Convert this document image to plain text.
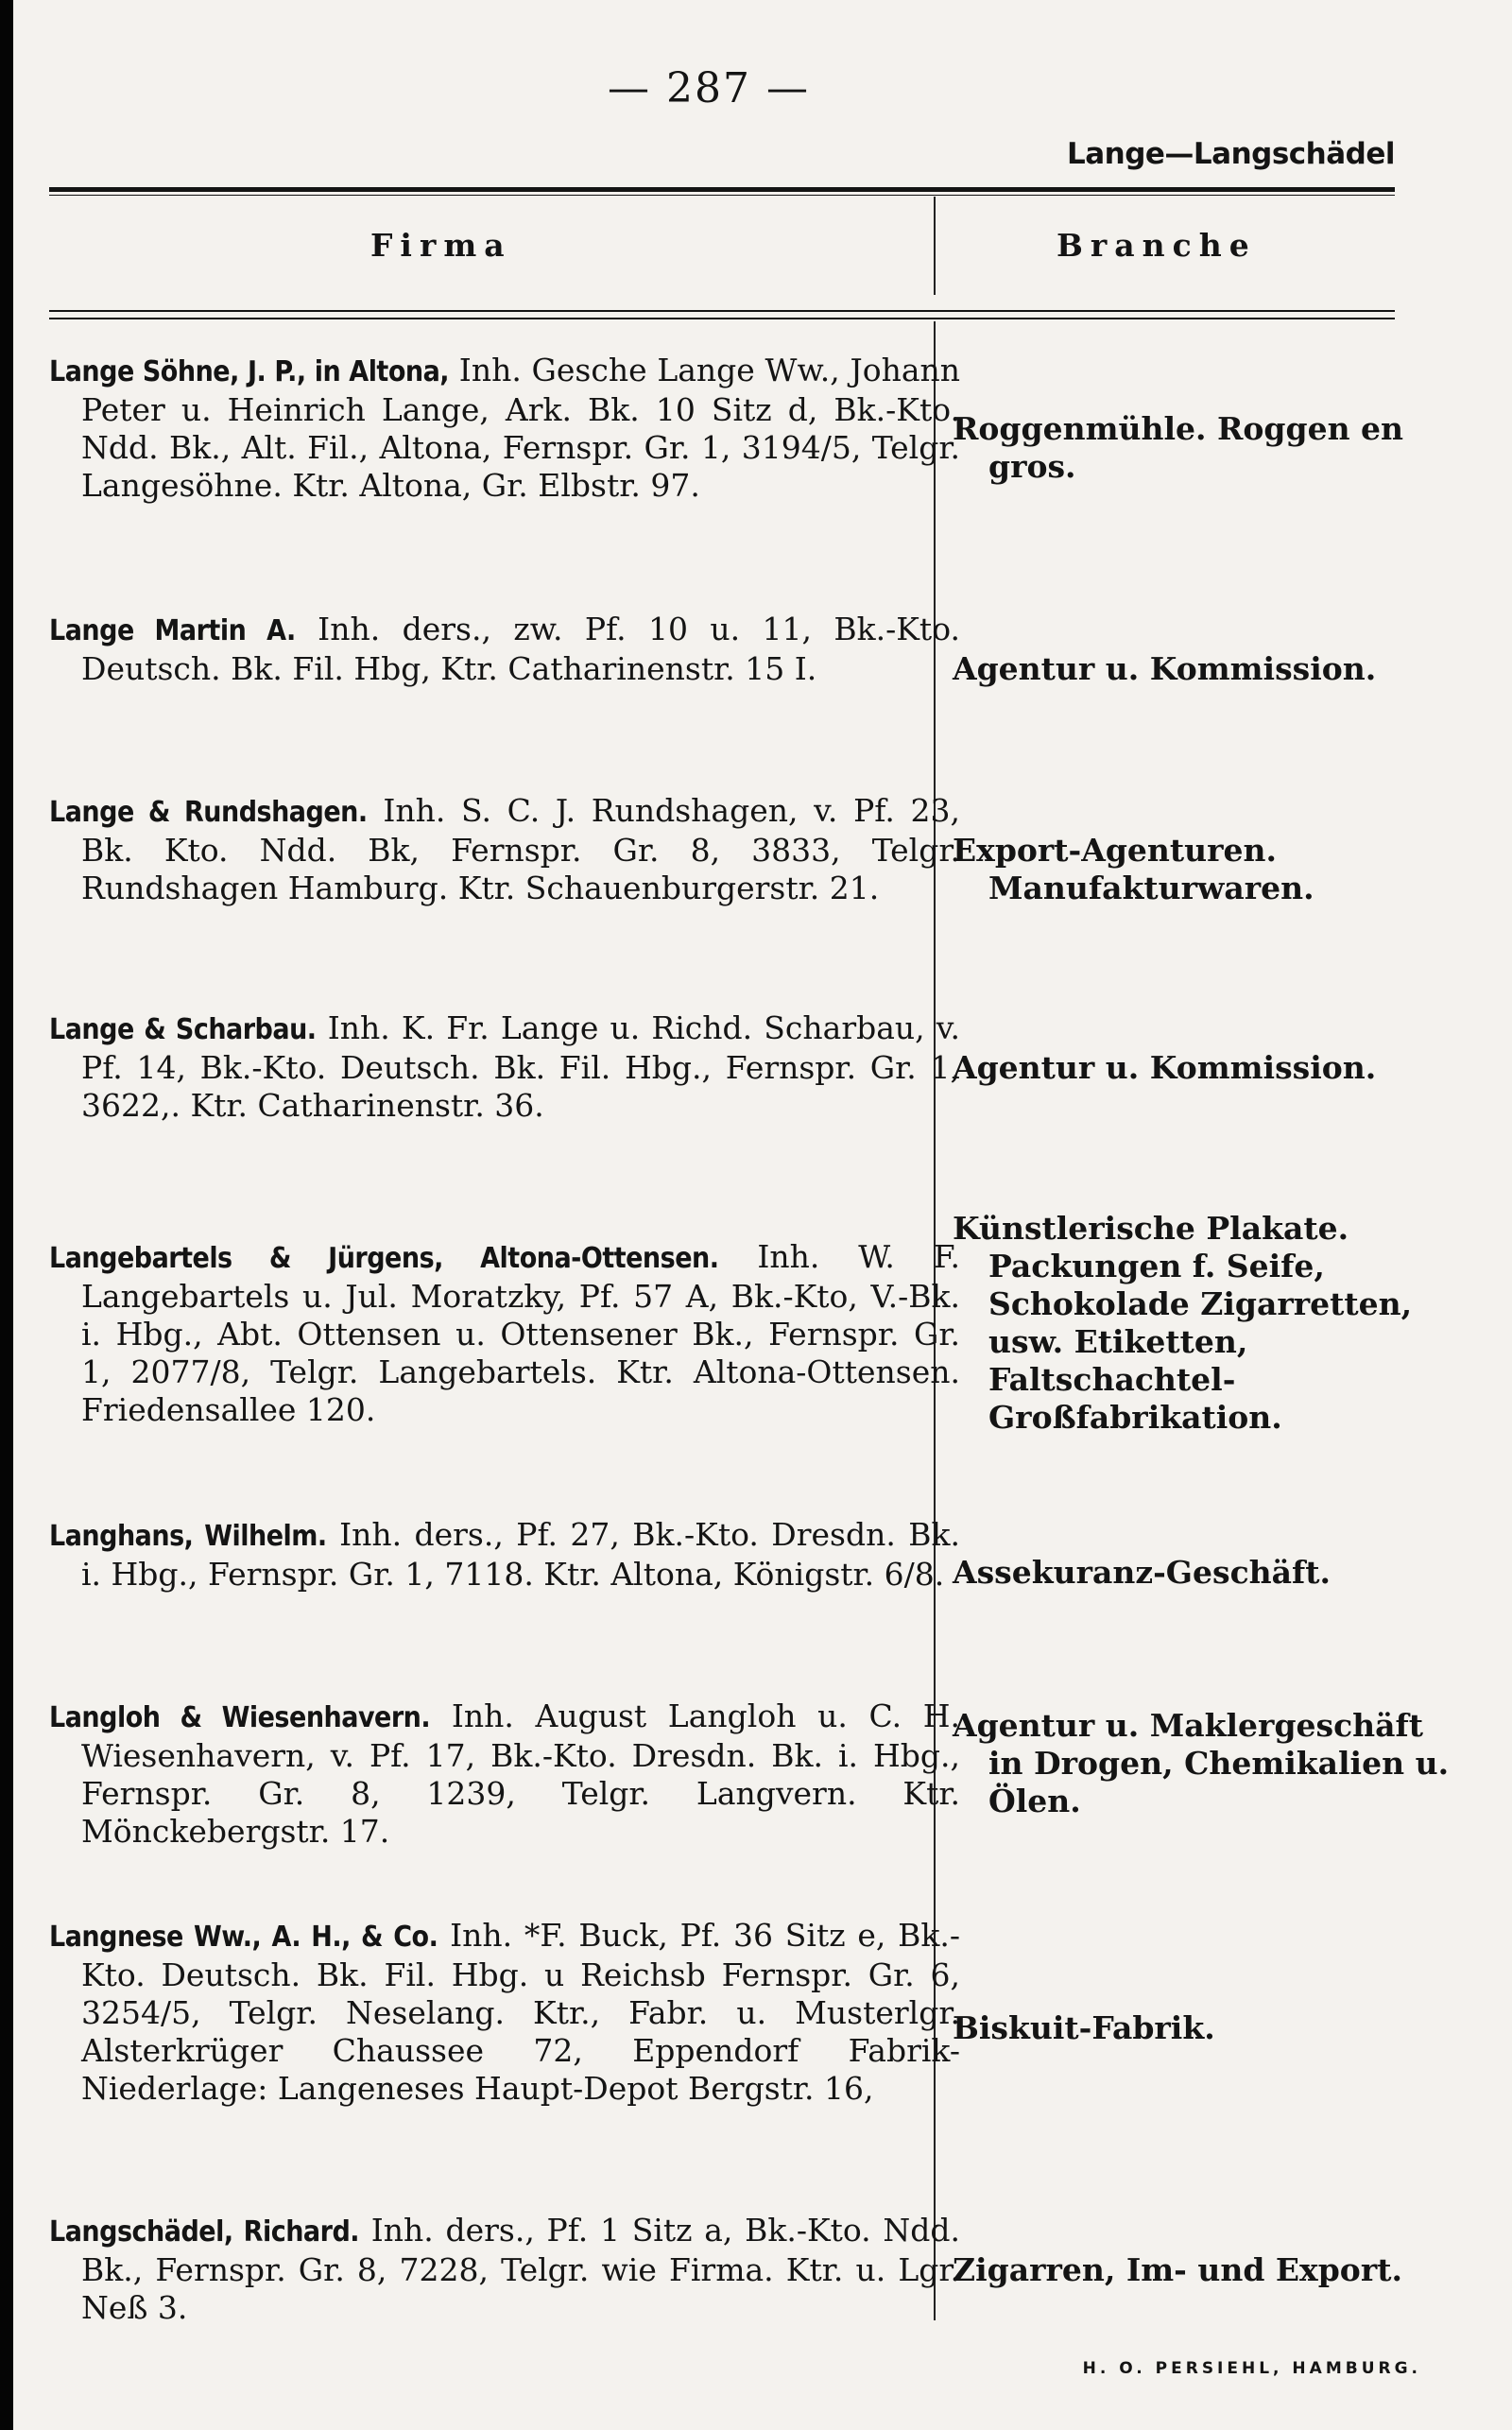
— 287 —
Lange—Langschädel
Firma	Branche
Lange Söhne, J. P., in Altona, Inh. Gesche Lange Ww., Johann Peter u. Heinrich Lange, Ark. Bk. 10 Sitz d, Bk.-Kto. Ndd. Bk., Alt. Fil., Altona, Fernspr. Gr. 1, 3194/5, Telgr. Langesöhne. Ktr. Altona, Gr. Elbstr. 97.
Roggenmühle. Roggen en gros.
Lange Martin A. Inh. ders., zw. Pf. 10 u. 11, Bk.-Kto. Deutsch. Bk. Fil. Hbg, Ktr. Catharinenstr. 15 I.	Agentur u. Kommission.
Lange & Rundshagen. Inh. S. C. J. Rundshagen, v. Pf. 23, Bk. Kto. Ndd. Bk, Fernspr. Gr. 8, 3833, Telgr. Rundshagen Hamburg. Ktr. Schauenburgerstr. 21.
Export-Agenturen. Manufakturwaren.
Lange & Scharbau. Inh. K. Fr. Lange u. Richd. Scharbau, v. Pf. 14, Bk.-Kto. Deutsch. Bk. Fil. Hbg., Fernspr. Gr. 1, 3622,. Ktr. Catharinenstr. 36.
Agentur u. Kommission.
Langebartels & Jürgens, Altona-Ottensen. Inh. W. F. Langebartels u. Jul. Moratzky, Pf. 57 A, Bk.-Kto, V.-Bk. i. Hbg., Abt. Ottensen u. Ottensener Bk., Fernspr. Gr. 1, 2077/8, Telgr. Langebartels. Ktr. Altona-Ottensen. Friedensallee 120.
Künstlerische Plakate. Packungen f. Seife, Schokolade Zigarretten, usw. Etiketten, Faltschachtel-Großfabrikation.
Langhans, Wilhelm. Inh. ders., Pf. 27, Bk.-Kto. Dresdn. Bk. i. Hbg., Fernspr. Gr. 1, 7118. Ktr. Altona, Königstr. 6/8. Assekuranz-Geschäft.
Langloh & Wiesenhavern. Inh. August Langloh u. C. H. Wiesenhavern, v. Pf. 17, Bk.-Kto. Dresdn. Bk. i. Hbg., Fernspr. Gr. 8, 1239, Telgr. Langvern. Ktr. Mönckebergstr. 17.
Agentur u. Maklergeschäft in Drogen, Chemikalien u. Ölen.
Langnese Ww., A. H., & Co. Inh. *F. Buck, Pf. 36 Sitz e, Bk.-Kto. Deutsch. Bk. Fil. Hbg. u Reichsb Fernspr. Gr. 6, 3254/5, Telgr. Neselang. Ktr., Fabr. u. Musterlgr. Alsterkrüger Chaussee 72, Eppendorf Fabrik-Niederlage: Langeneses Haupt-Depot Bergstr. 16,
Biskuit-Fabrik.
Langschädel, Richard. Inh. ders., Pf. 1 Sitz a, Bk.-Kto. Ndd. Bk., Fernspr. Gr. 8, 7228, Telgr. wie Firma. Ktr. u. Lgr. Neß 3.
Zigarren, Im- und Export.
H. O. PERSIEHL, HAMBURG.
